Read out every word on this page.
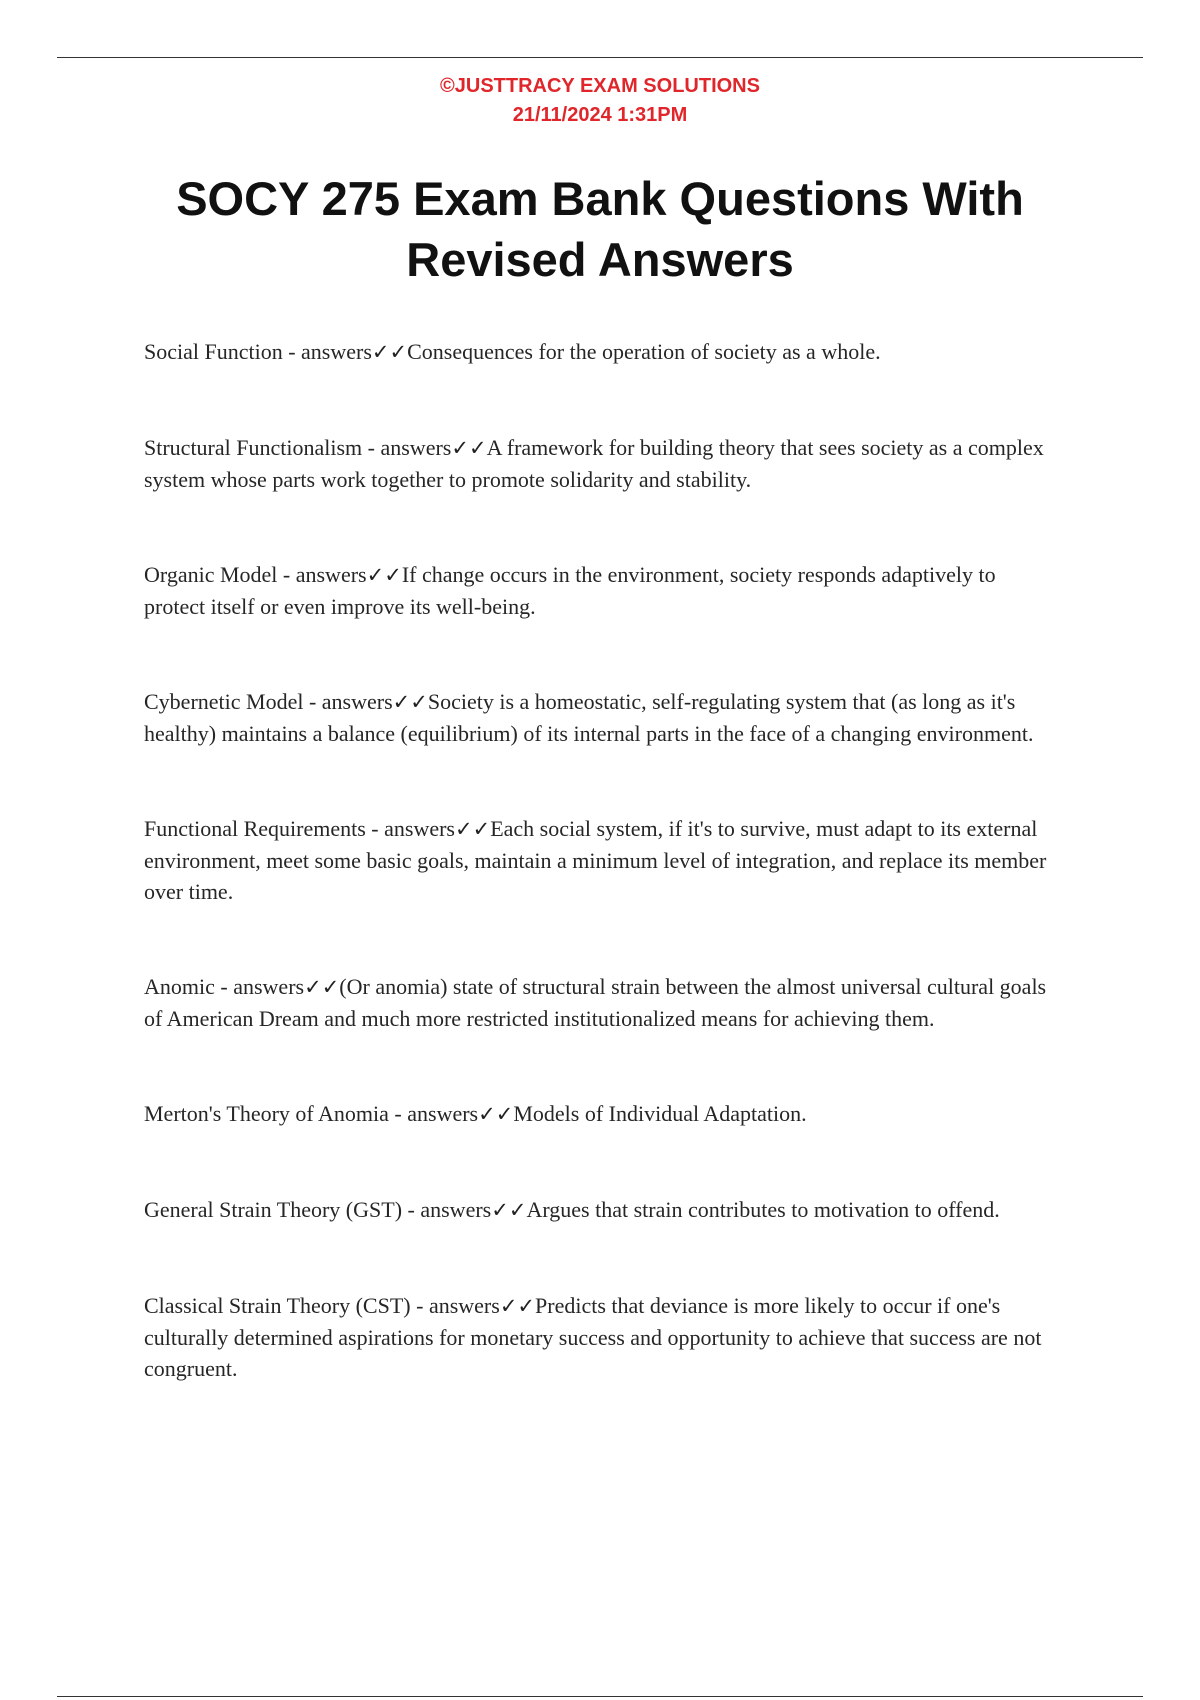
©JUSTTRACY EXAM SOLUTIONS
21/11/2024 1:31PM
SOCY 275 Exam Bank Questions With Revised Answers

Social Function - answers✓✓Consequences for the operation of society as a whole.

Structural Functionalism - answers✓✓A framework for building theory that sees society as a complex system whose parts work together to promote solidarity and stability.

Organic Model - answers✓✓If change occurs in the environment, society responds adaptively to protect itself or even improve its well-being.

Cybernetic Model - answers✓✓Society is a homeostatic, self-regulating system that (as long as it's healthy) maintains a balance (equilibrium) of its internal parts in the face of a changing environment.

Functional Requirements - answers✓✓Each social system, if it's to survive, must adapt to its external environment, meet some basic goals, maintain a minimum level of integration, and replace its member over time.

Anomic - answers✓✓(Or anomia) state of structural strain between the almost universal cultural goals of American Dream and much more restricted institutionalized means for achieving them.

Merton's Theory of Anomia - answers✓✓Models of Individual Adaptation.

General Strain Theory (GST) - answers✓✓Argues that strain contributes to motivation to offend.

Classical Strain Theory (CST) - answers✓✓Predicts that deviance is more likely to occur if one's culturally determined aspirations for monetary success and opportunity to achieve that success are not congruent.
